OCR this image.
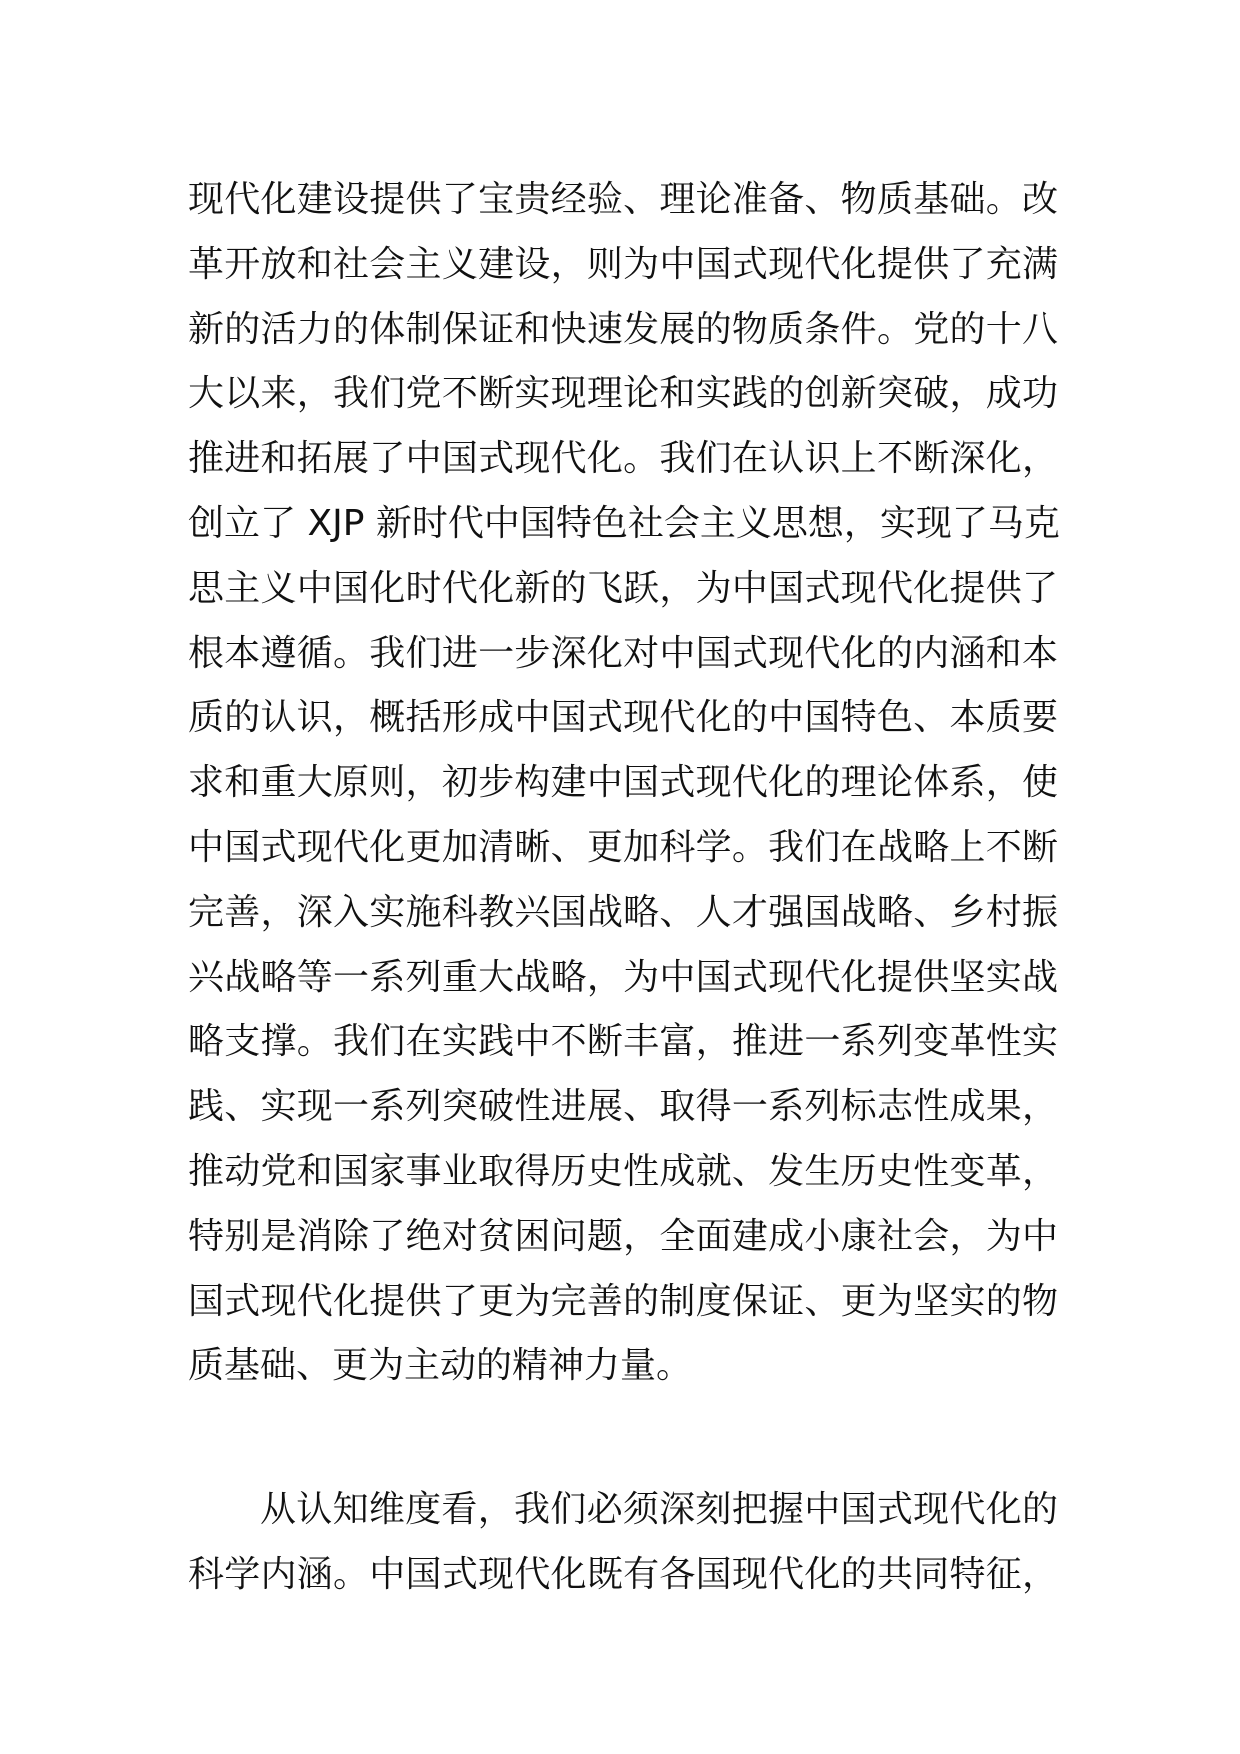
现代化建设提供了宝贵经验、理论准备、物质基础。改
革开放和社会主义建设，则为中国式现代化提供了充满
新的活力的体制保证和快速发展的物质条件。党的十八
大以来，我们党不断实现理论和实践的创新突破，成功
推进和拓展了中国式现代化。我们在认识上不断深化，
创立了 XJP 新时代中国特色社会主义思想，实现了马克
思主义中国化时代化新的飞跃，为中国式现代化提供了
根本遵循。我们进一步深化对中国式现代化的内涵和本
质的认识，概括形成中国式现代化的中国特色、本质要
求和重大原则，初步构建中国式现代化的理论体系，使
中国式现代化更加清晰、更加科学。我们在战略上不断
完善，深入实施科教兴国战略、人才强国战略、乡村振
兴战略等一系列重大战略，为中国式现代化提供坚实战
略支撑。我们在实践中不断丰富，推进一系列变革性实
践、实现一系列突破性进展、取得一系列标志性成果，
推动党和国家事业取得历史性成就、发生历史性变革，
特别是消除了绝对贫困问题，全面建成小康社会，为中
国式现代化提供了更为完善的制度保证、更为坚实的物
质基础、更为主动的精神力量。
从认知维度看，我们必须深刻把握中国式现代化的
科学内涵。中国式现代化既有各国现代化的共同特征，
